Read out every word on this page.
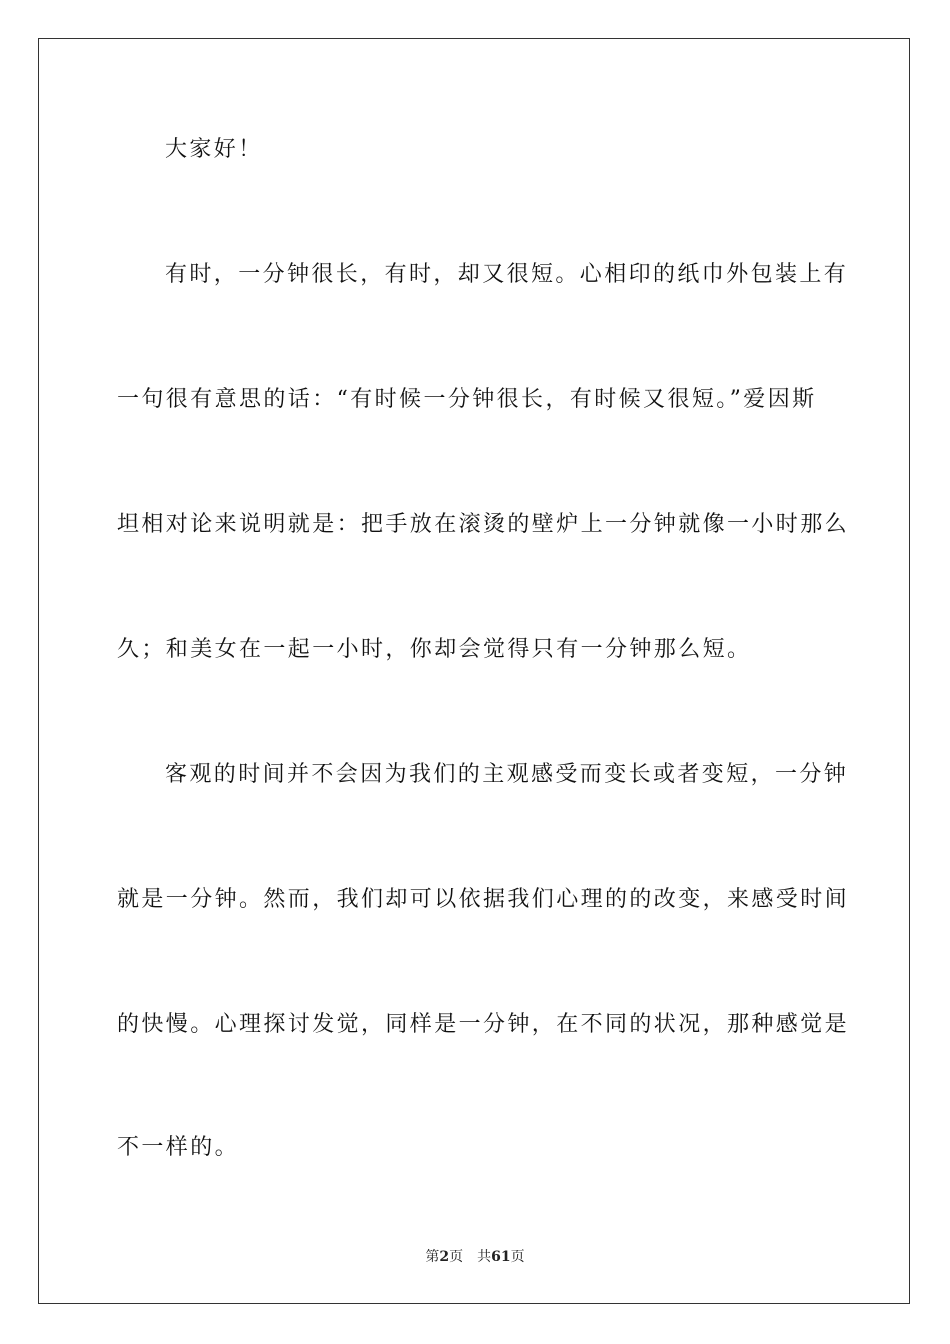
大家好！
有时，一分钟很长，有时，却又很短。心相印的纸巾外包装上有
一句很有意思的话：“有时候一分钟很长，有时候又很短。”爱因斯
坦相对论来说明就是：把手放在滚烫的壁炉上一分钟就像一小时那么
久；和美女在一起一小时，你却会觉得只有一分钟那么短。
客观的时间并不会因为我们的主观感受而变长或者变短，一分钟
就是一分钟。然而，我们却可以依据我们心理的的改变，来感受时间
的快慢。心理探讨发觉，同样是一分钟，在不同的状况，那种感觉是
不一样的。
第2页 共61页
